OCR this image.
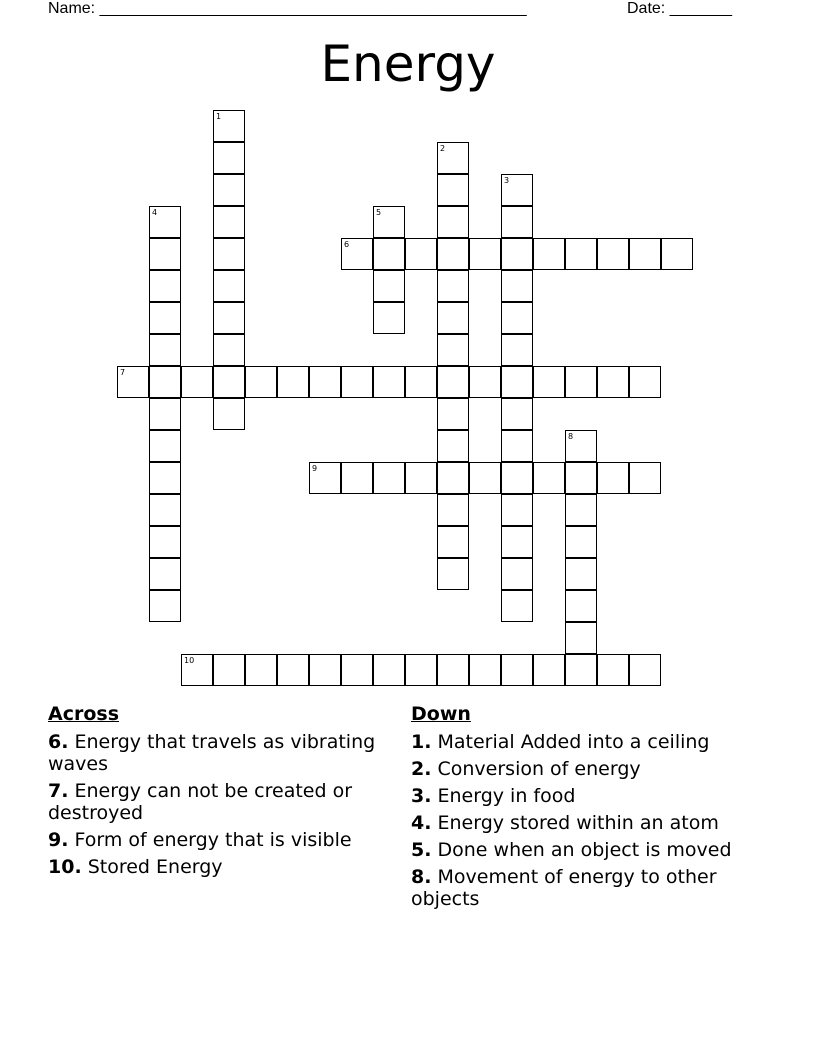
Name: ________________________________________________	Date: _______
Energy
1
2
3
4	5
6
7
8
9
10
Across
6. Energy that travels as vibrating waves
7. Energy can not be created or destroyed
9. Form of energy that is visible
10. Stored Energy
Down
1. Material Added into a ceiling
2. Conversion of energy
3. Energy in food
4. Energy stored within an atom
5. Done when an object is moved
8. Movement of energy to other objects
